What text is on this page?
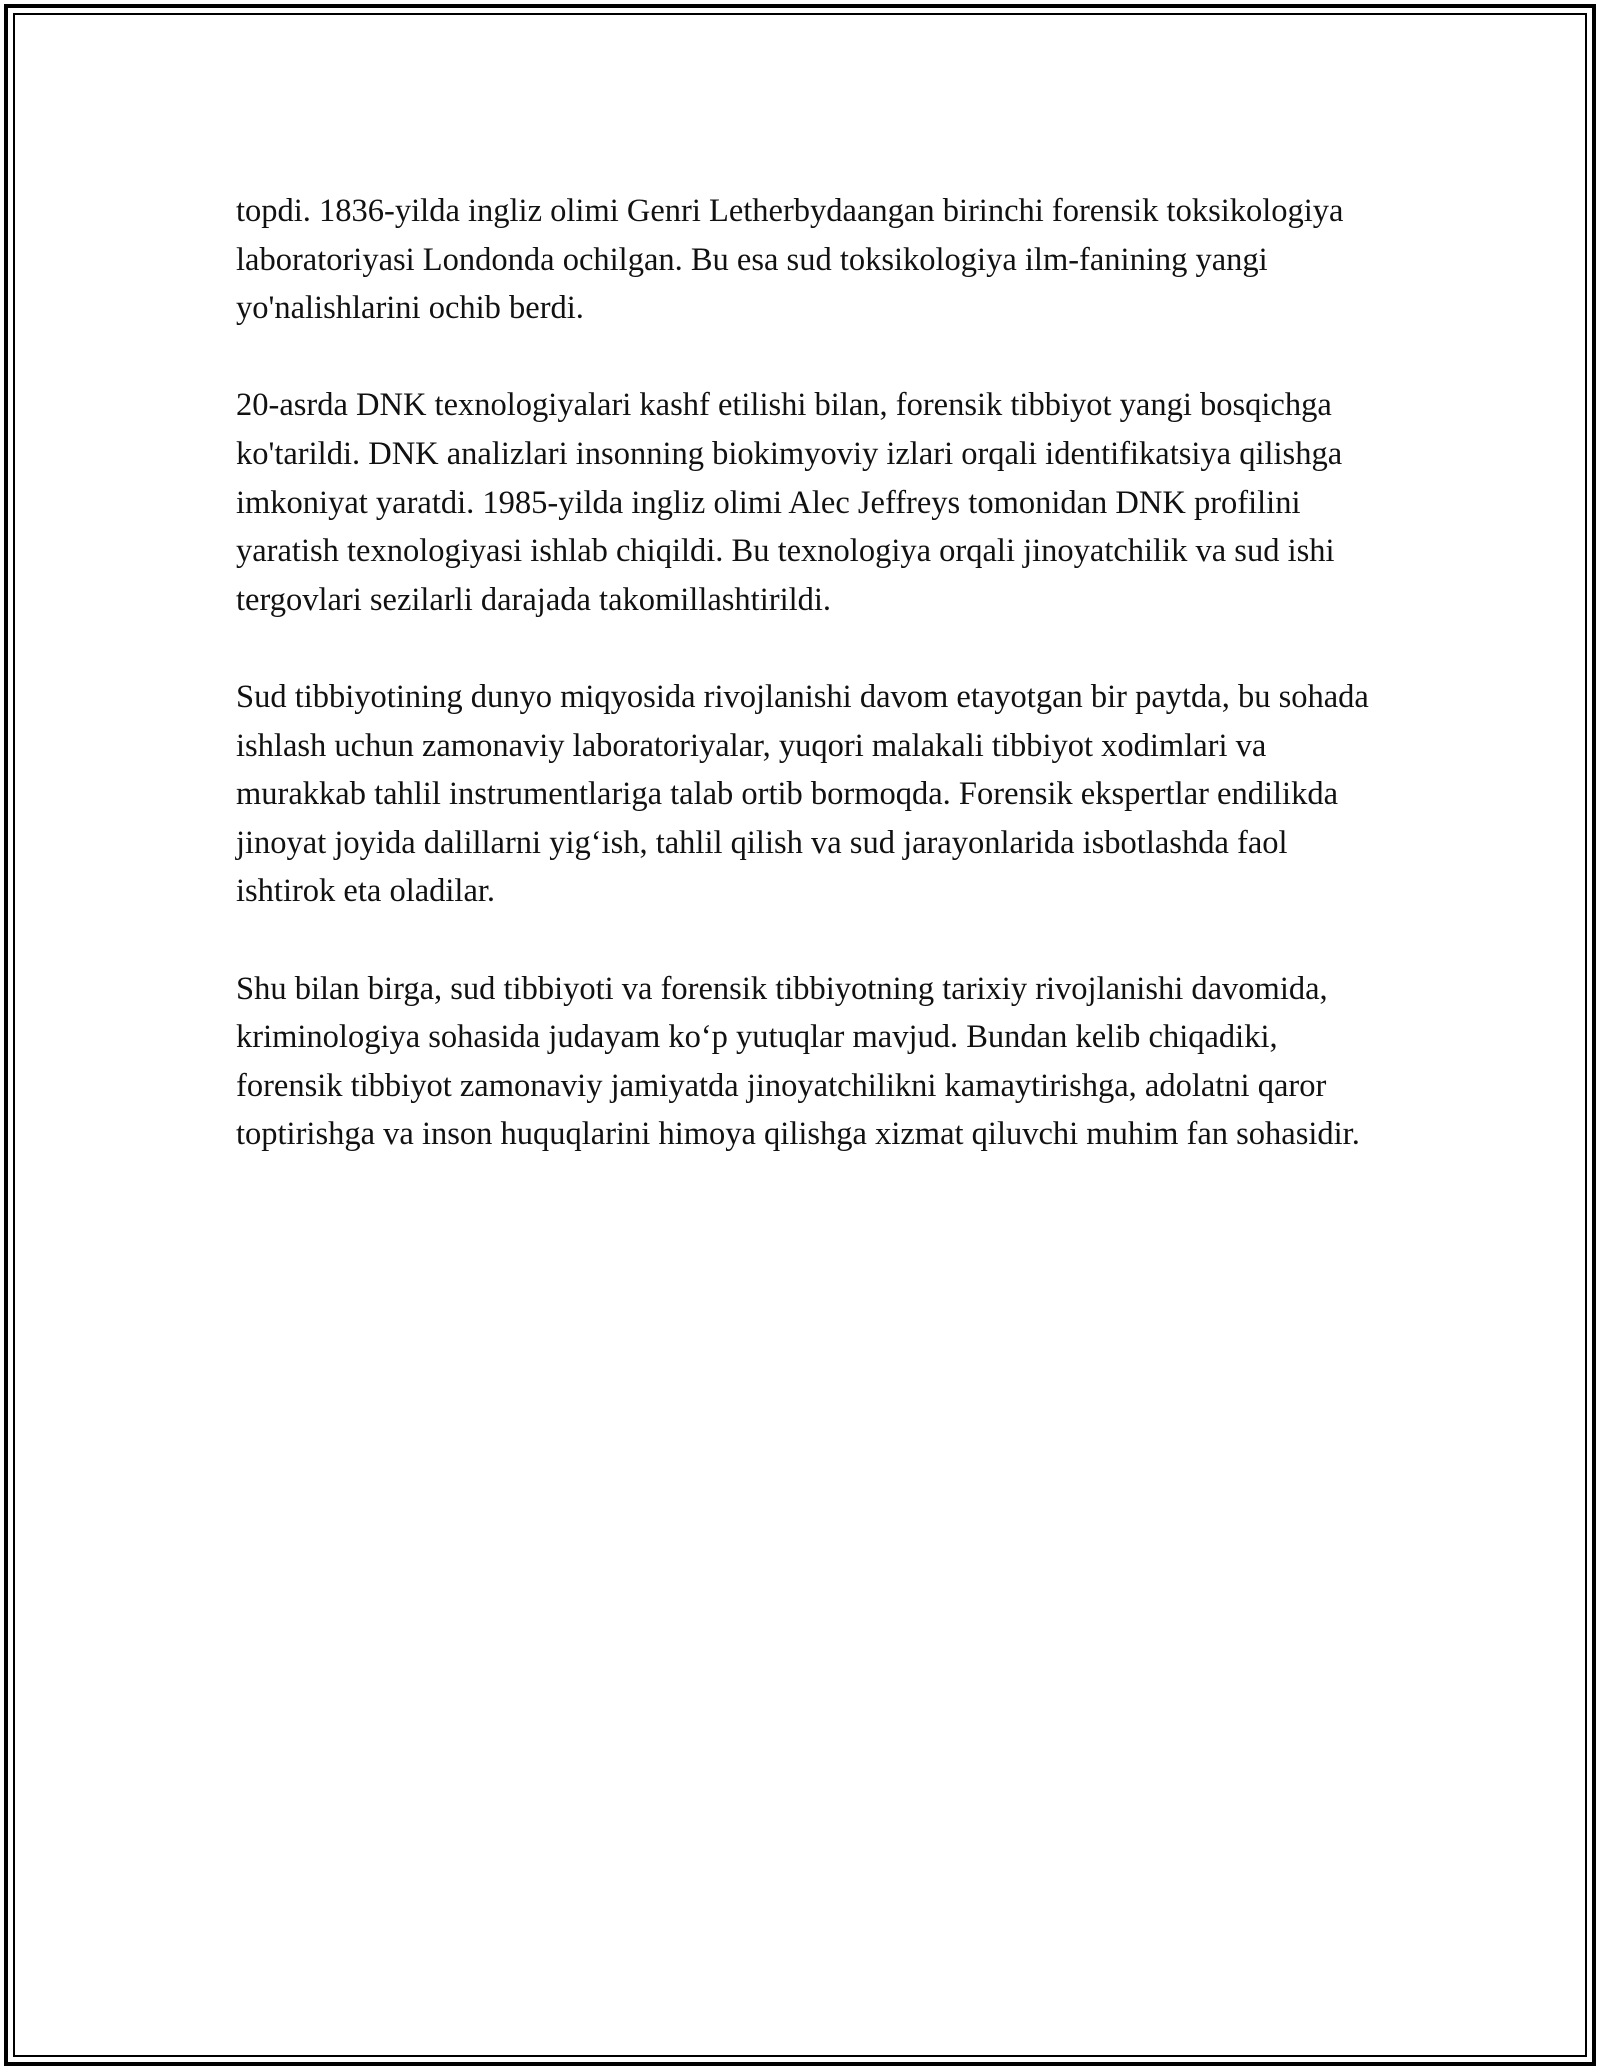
topdi. 1836-yilda ingliz olimi Genri Letherbydaangan birinchi forensik toksikologiya laboratoriyasi Londonda ochilgan. Bu esa sud toksikologiya ilm-fanining yangi yo'nalishlarini ochib berdi.

20-asrda DNK texnologiyalari kashf etilishi bilan, forensik tibbiyot yangi bosqichga ko'tarildi. DNK analizlari insonning biokimyoviy izlari orqali identifikatsiya qilishga imkoniyat yaratdi. 1985-yilda ingliz olimi Alec Jeffreys tomonidan DNK profilini yaratish texnologiyasi ishlab chiqildi. Bu texnologiya orqali jinoyatchilik va sud ishi tergovlari sezilarli darajada takomillashtirildi.

Sud tibbiyotining dunyo miqyosida rivojlanishi davom etayotgan bir paytda, bu sohada ishlash uchun zamonaviy laboratoriyalar, yuqori malakali tibbiyot xodimlari va murakkab tahlil instrumentlariga talab ortib bormoqda. Forensik ekspertlar endilikda jinoyat joyida dalillarni yig‘ish, tahlil qilish va sud jarayonlarida isbotlashda faol ishtirok eta oladilar.

Shu bilan birga, sud tibbiyoti va forensik tibbiyotning tarixiy rivojlanishi davomida, kriminologiya sohasida judayam ko‘p yutuqlar mavjud. Bundan kelib chiqadiki, forensik tibbiyot zamonaviy jamiyatda jinoyatchilikni kamaytirishga, adolatni qaror toptirishga va inson huquqlarini himoya qilishga xizmat qiluvchi muhim fan sohasidir.
